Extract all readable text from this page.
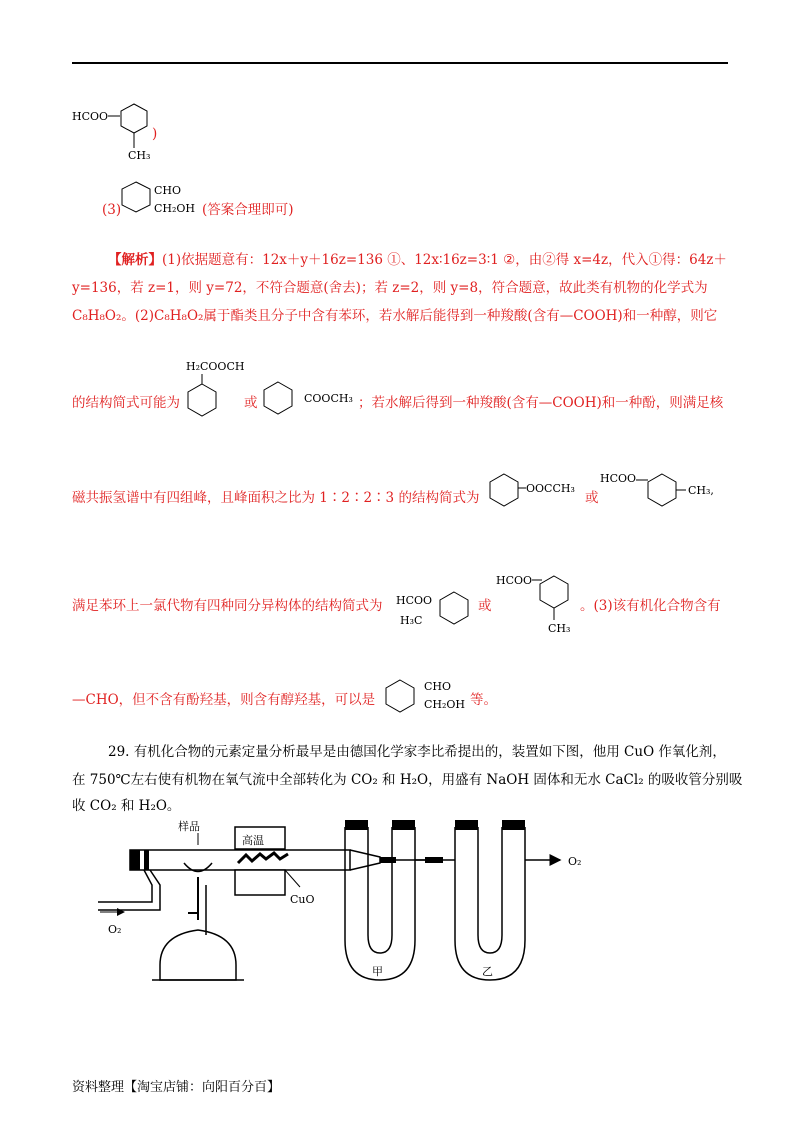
HCOO
CH₃
)
(3)
CHO
CH₂OH (答案合理即可)
【解析】(1)依据题意有：12x＋y＋16z=136 ①、12x∶16z=3∶1 ②，由②得 x=4z，代入①得：64z＋
y=136，若 z=1，则 y=72，不符合题意(舍去)；若 z=2，则 y=8，符合题意，故此类有机物的化学式为
C₈H₈O₂。(2)C₈H₈O₂属于酯类且分子中含有苯环，若水解后能得到一种羧酸(含有—COOH)和一种醇，则它
H₂COOCH
的结构简式可能为	或	COOCH₃ ；若水解后得到一种羧酸(含有—COOH)和一种酚，则满足核
磁共振氢谱中有四组峰，且峰面积之比为 1∶2∶2∶3 的结构简式为
OOCCH₃
或
HCOO
CH₃,
满足苯环上一氯代物有四种同分异构体的结构简式为 HCOO
H₃C
或
HCOO
CH₃
。(3)该有机化合物含有
—CHO，但不含有酚羟基，则含有醇羟基，可以是
CHO
CH₂OH 等。
29. 有机化合物的元素定量分析最早是由德国化学家李比希提出的，装置如下图，他用 CuO 作氧化剂，
在 750℃左右使有机物在氧气流中全部转化为 CO₂ 和 H₂O，用盛有 NaOH 固体和无水 CaCl₂ 的吸收管分别吸
收 CO₂ 和 H₂O。
O₂
样品
高温
CuO
甲	乙
O₂
资料整理【淘宝店铺：向阳百分百】
